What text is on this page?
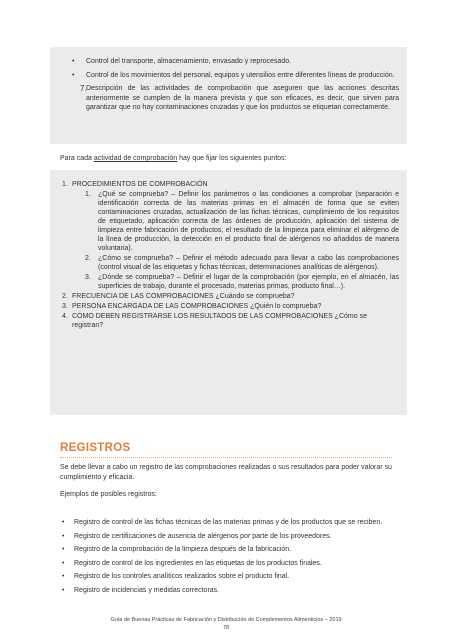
• Control del transporte, almacenamiento, envasado y reprocesado.
• Control de los movimientos del personal, equipos y utensilios entre diferentes líneas de producción.
7. Descripción de las actividades de comprobación que aseguren que las acciones descritas anteriormente se cumplen de la manera prevista y que son eficaces, es decir, que sirven para garantizar que no hay contaminaciones cruzadas y que los productos se etiquetan correctamente.
Para cada actividad de comprobación hay que fijar los siguientes puntos:
1. PROCEDIMIENTOS DE COMPROBACIÓN
1. ¿Qué se comprueba? – Definir los parámetros o las condiciones a comprobar (separación e identificación correcta de las materias primas en el almacén de forma que se eviten contaminaciones cruzadas, actualización de las fichas técnicas, cumplimiento de los requisitos de etiquetado, aplicación correcta de las órdenes de producción, aplicación del sistema de limpieza entre fabricación de productos, el resultado de la limpieza para eliminar el alérgeno de la línea de producción, la detección en el producto final de alérgenos no añadidos de manera voluntaria).
2. ¿Cómo se comprueba? – Definir el método adecuado para llevar a cabo las comprobaciones (control visual de las etiquetas y fichas técnicas, determinaciones analíticas de alérgenos).
3. ¿Dónde se comprueba? – Definir el lugar de la comprobación (por ejemplo, en el almacén, las superficies de trabajo, durante el procesado, materias primas, producto final…).
2. FRECUENCIA DE LAS COMPROBACIONES ¿Cuándo se comprueba?
3. PERSONA ENCARGADA DE LAS COMPROBACIONES ¿Quién lo comprueba?
4. CÓMO DEBEN REGISTRARSE LOS RESULTADOS DE LAS COMPROBACIONES ¿Cómo se registran?
REGISTROS
Se debe llevar a cabo un registro de las comprobaciones realizadas o sus resultados para poder valorar su cumplimiento y eficacia.
Ejemplos de posibles registros:
• Registro de control de las fichas técnicas de las materias primas y de los productos que se reciben.
• Registro de certificaciones de ausencia de alérgenos por parte de los proveedores.
• Registro de la comprobación de la limpieza después de la fabricación.
• Registro de control de los ingredientes en las etiquetas de los productos finales.
• Registro de los controles analíticos realizados sobre el producto final.
• Registro de incidencias y medidas correctoras.
Guía de Buenas Prácticas de Fabricación y Distribución de Complementos Alimenticios – 2019
78
